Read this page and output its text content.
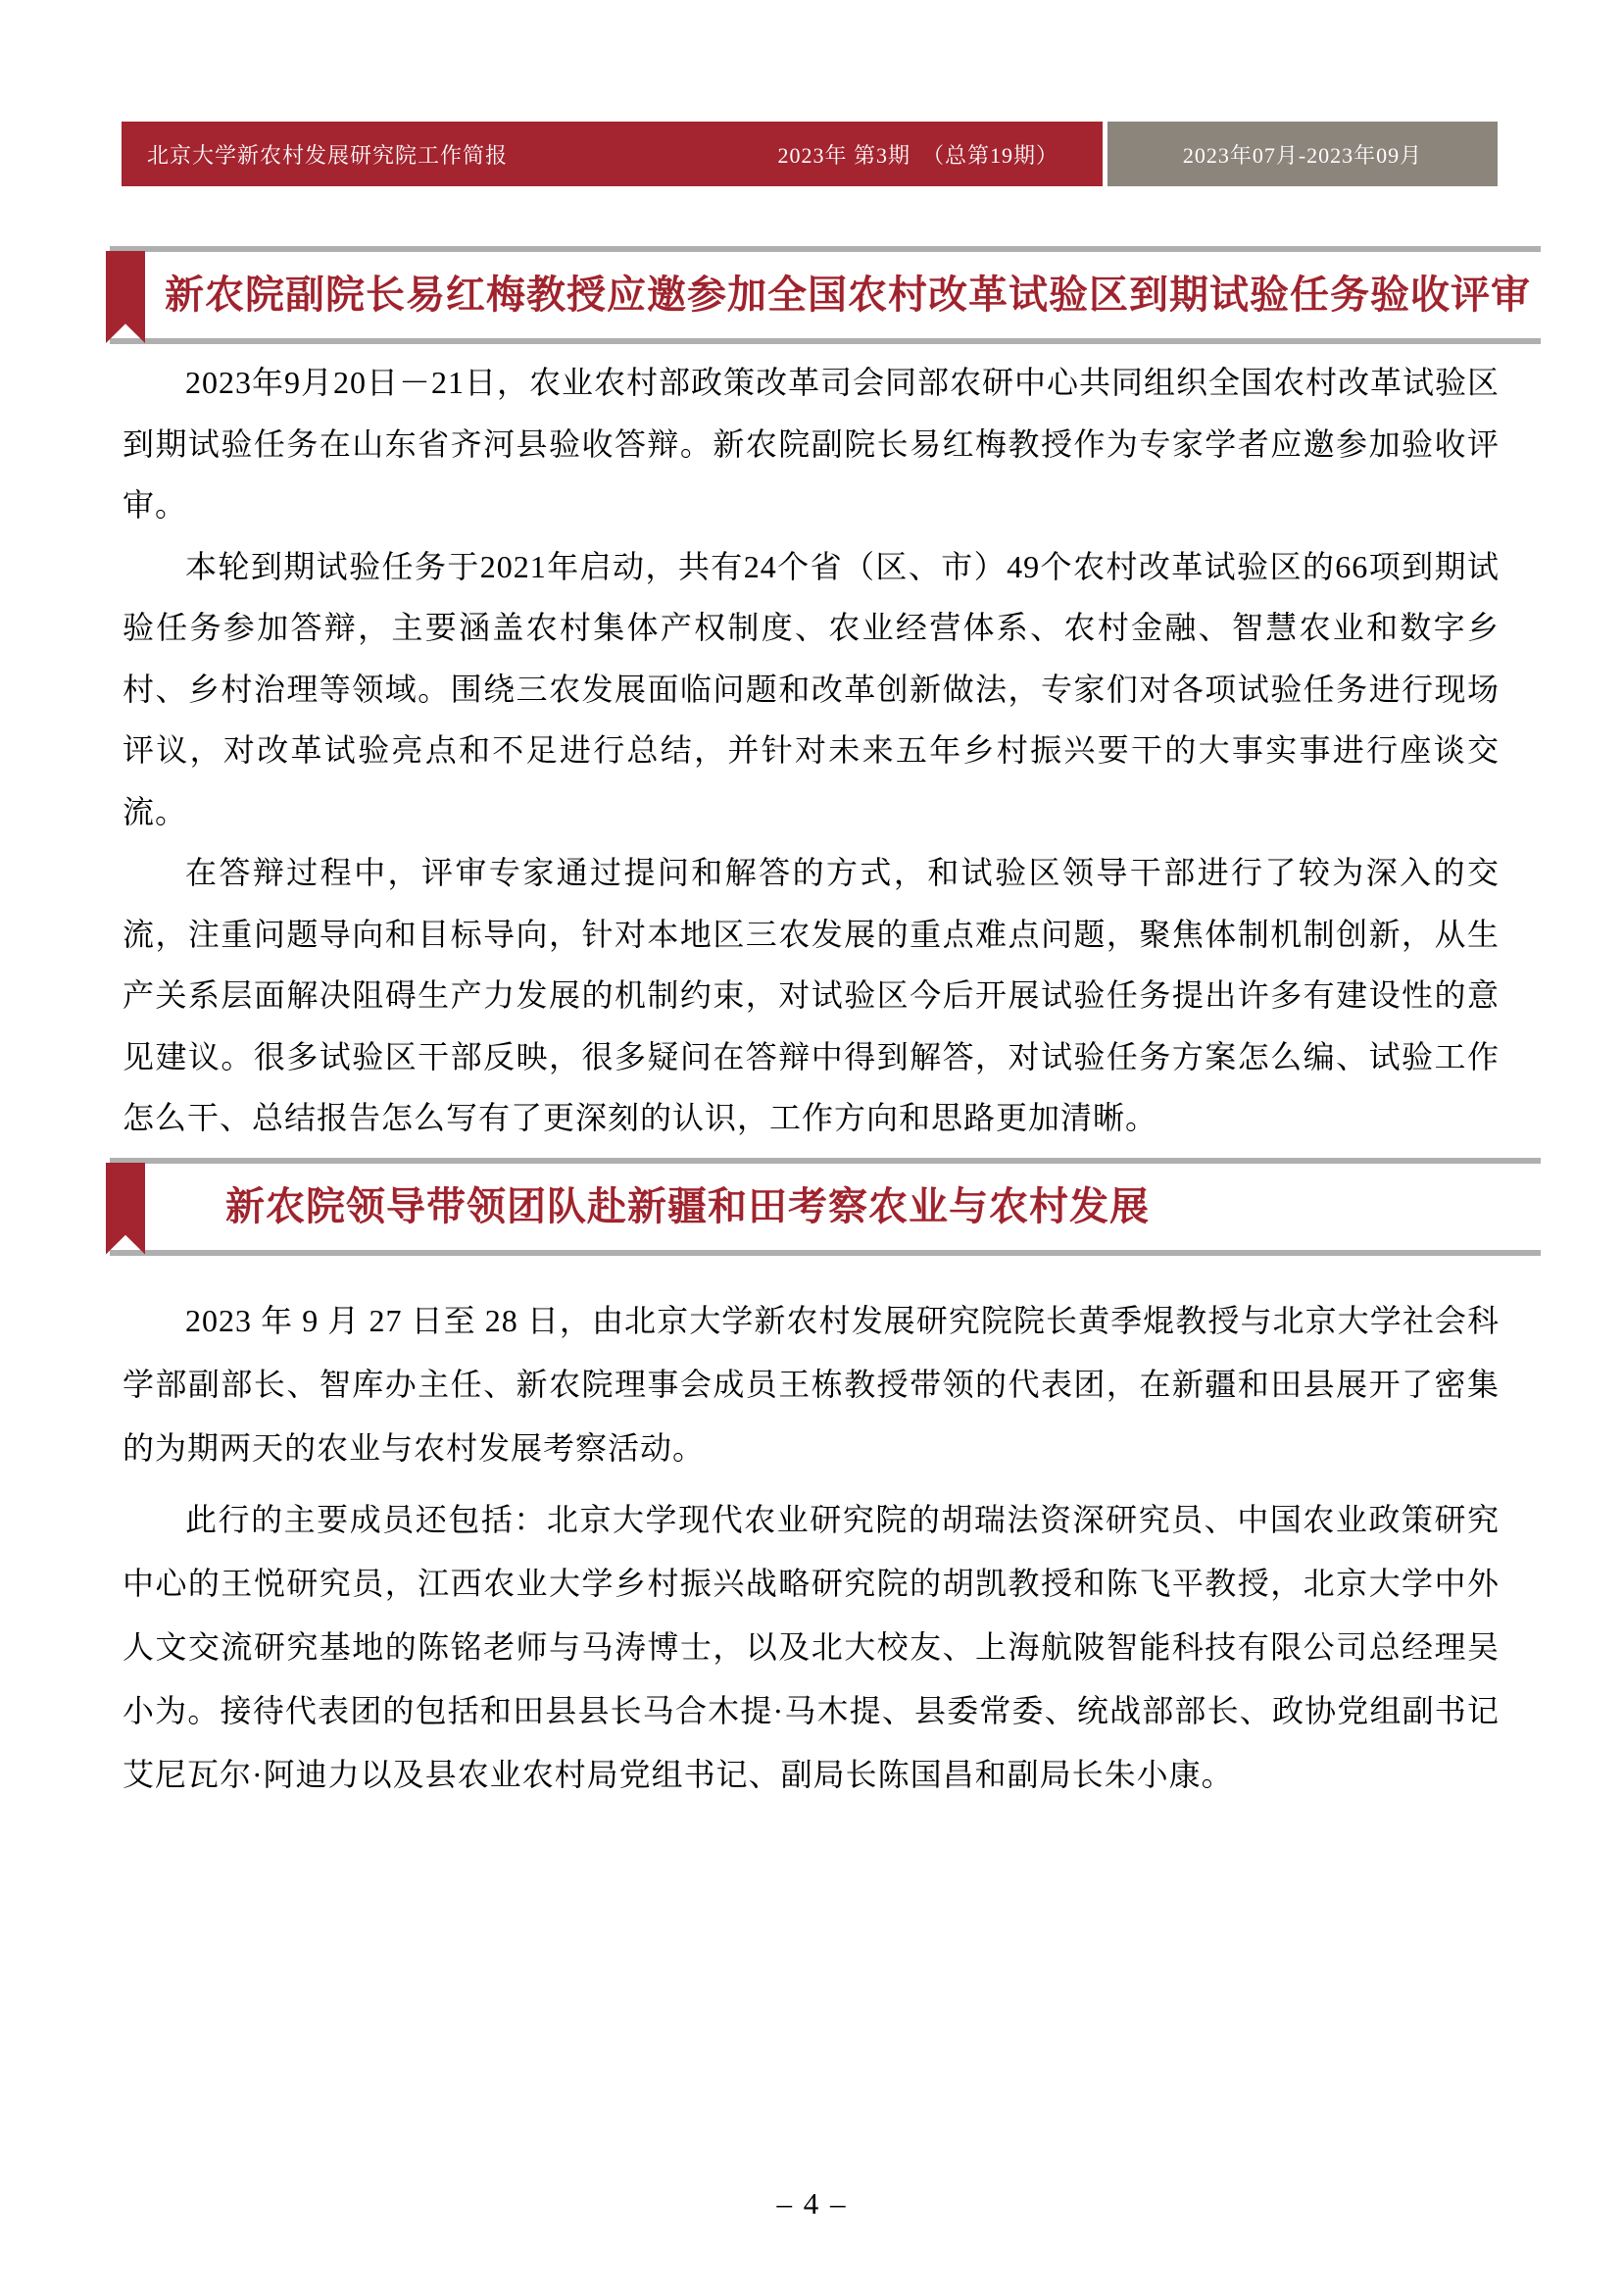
北京大学新农村发展研究院工作简报	2023年 第3期　（总第19期）	2023年07月-2023年09月
新农院副院长易红梅教授应邀参加全国农村改革试验区到期试验任务验收评审

2023年9月20日－21日，农业农村部政策改革司会同部农研中心共同组织全国农村改革试验区到期试验任务在山东省齐河县验收答辩。新农院副院长易红梅教授作为专家学者应邀参加验收评审。

本轮到期试验任务于2021年启动，共有24个省（区、市）49个农村改革试验区的66项到期试验任务参加答辩，主要涵盖农村集体产权制度、农业经营体系、农村金融、智慧农业和数字乡村、乡村治理等领域。围绕三农发展面临问题和改革创新做法，专家们对各项试验任务进行现场评议，对改革试验亮点和不足进行总结，并针对未来五年乡村振兴要干的大事实事进行座谈交流。

在答辩过程中，评审专家通过提问和解答的方式，和试验区领导干部进行了较为深入的交流，注重问题导向和目标导向，针对本地区三农发展的重点难点问题，聚焦体制机制创新，从生产关系层面解决阻碍生产力发展的机制约束，对试验区今后开展试验任务提出许多有建设性的意见建议。很多试验区干部反映，很多疑问在答辩中得到解答，对试验任务方案怎么编、试验工作怎么干、总结报告怎么写有了更深刻的认识，工作方向和思路更加清晰。

新农院领导带领团队赴新疆和田考察农业与农村发展

2023 年 9 月 27 日至 28 日，由北京大学新农村发展研究院院长黄季焜教授与北京大学社会科学部副部长、智库办主任、新农院理事会成员王栋教授带领的代表团，在新疆和田县展开了密集的为期两天的农业与农村发展考察活动。

此行的主要成员还包括：北京大学现代农业研究院的胡瑞法资深研究员、中国农业政策研究中心的王悦研究员，江西农业大学乡村振兴战略研究院的胡凯教授和陈飞平教授，北京大学中外人文交流研究基地的陈铭老师与马涛博士，以及北大校友、上海航陂智能科技有限公司总经理吴小为。接待代表团的包括和田县县长马合木提·马木提、县委常委、统战部部长、政协党组副书记艾尼瓦尔·阿迪力以及县农业农村局党组书记、副局长陈国昌和副局长朱小康。

– 4 –
